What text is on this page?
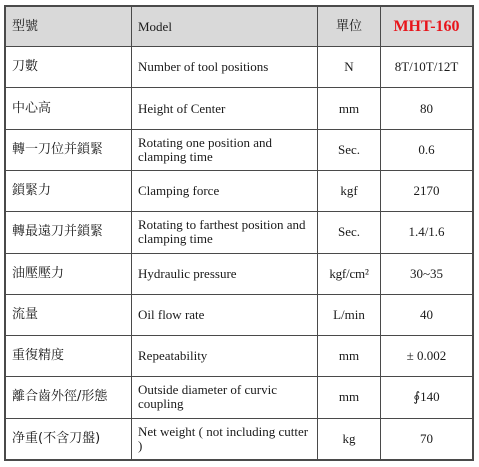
型號	Model	單位	MHT-160
刀數	Number of tool positions	N	8T/10T/12T
中心高	Height of Center	mm	80
轉一刀位并鎖緊	Rotating one position and clamping time	Sec.	0.6
鎖緊力	Clamping force	kgf	2170
轉最遠刀并鎖緊	Rotating to farthest position and clamping time	Sec.	1.4/1.6
油壓壓力	Hydraulic pressure	kgf/cm²	30~35
流量	Oil flow rate	L/min	40
重復精度	Repeatability	mm	± 0.002
離合齒外徑/形態	Outside diameter of curvic coupling	mm	∮140
净重(不含刀盤)	Net weight ( not including cutter )	kg	70
